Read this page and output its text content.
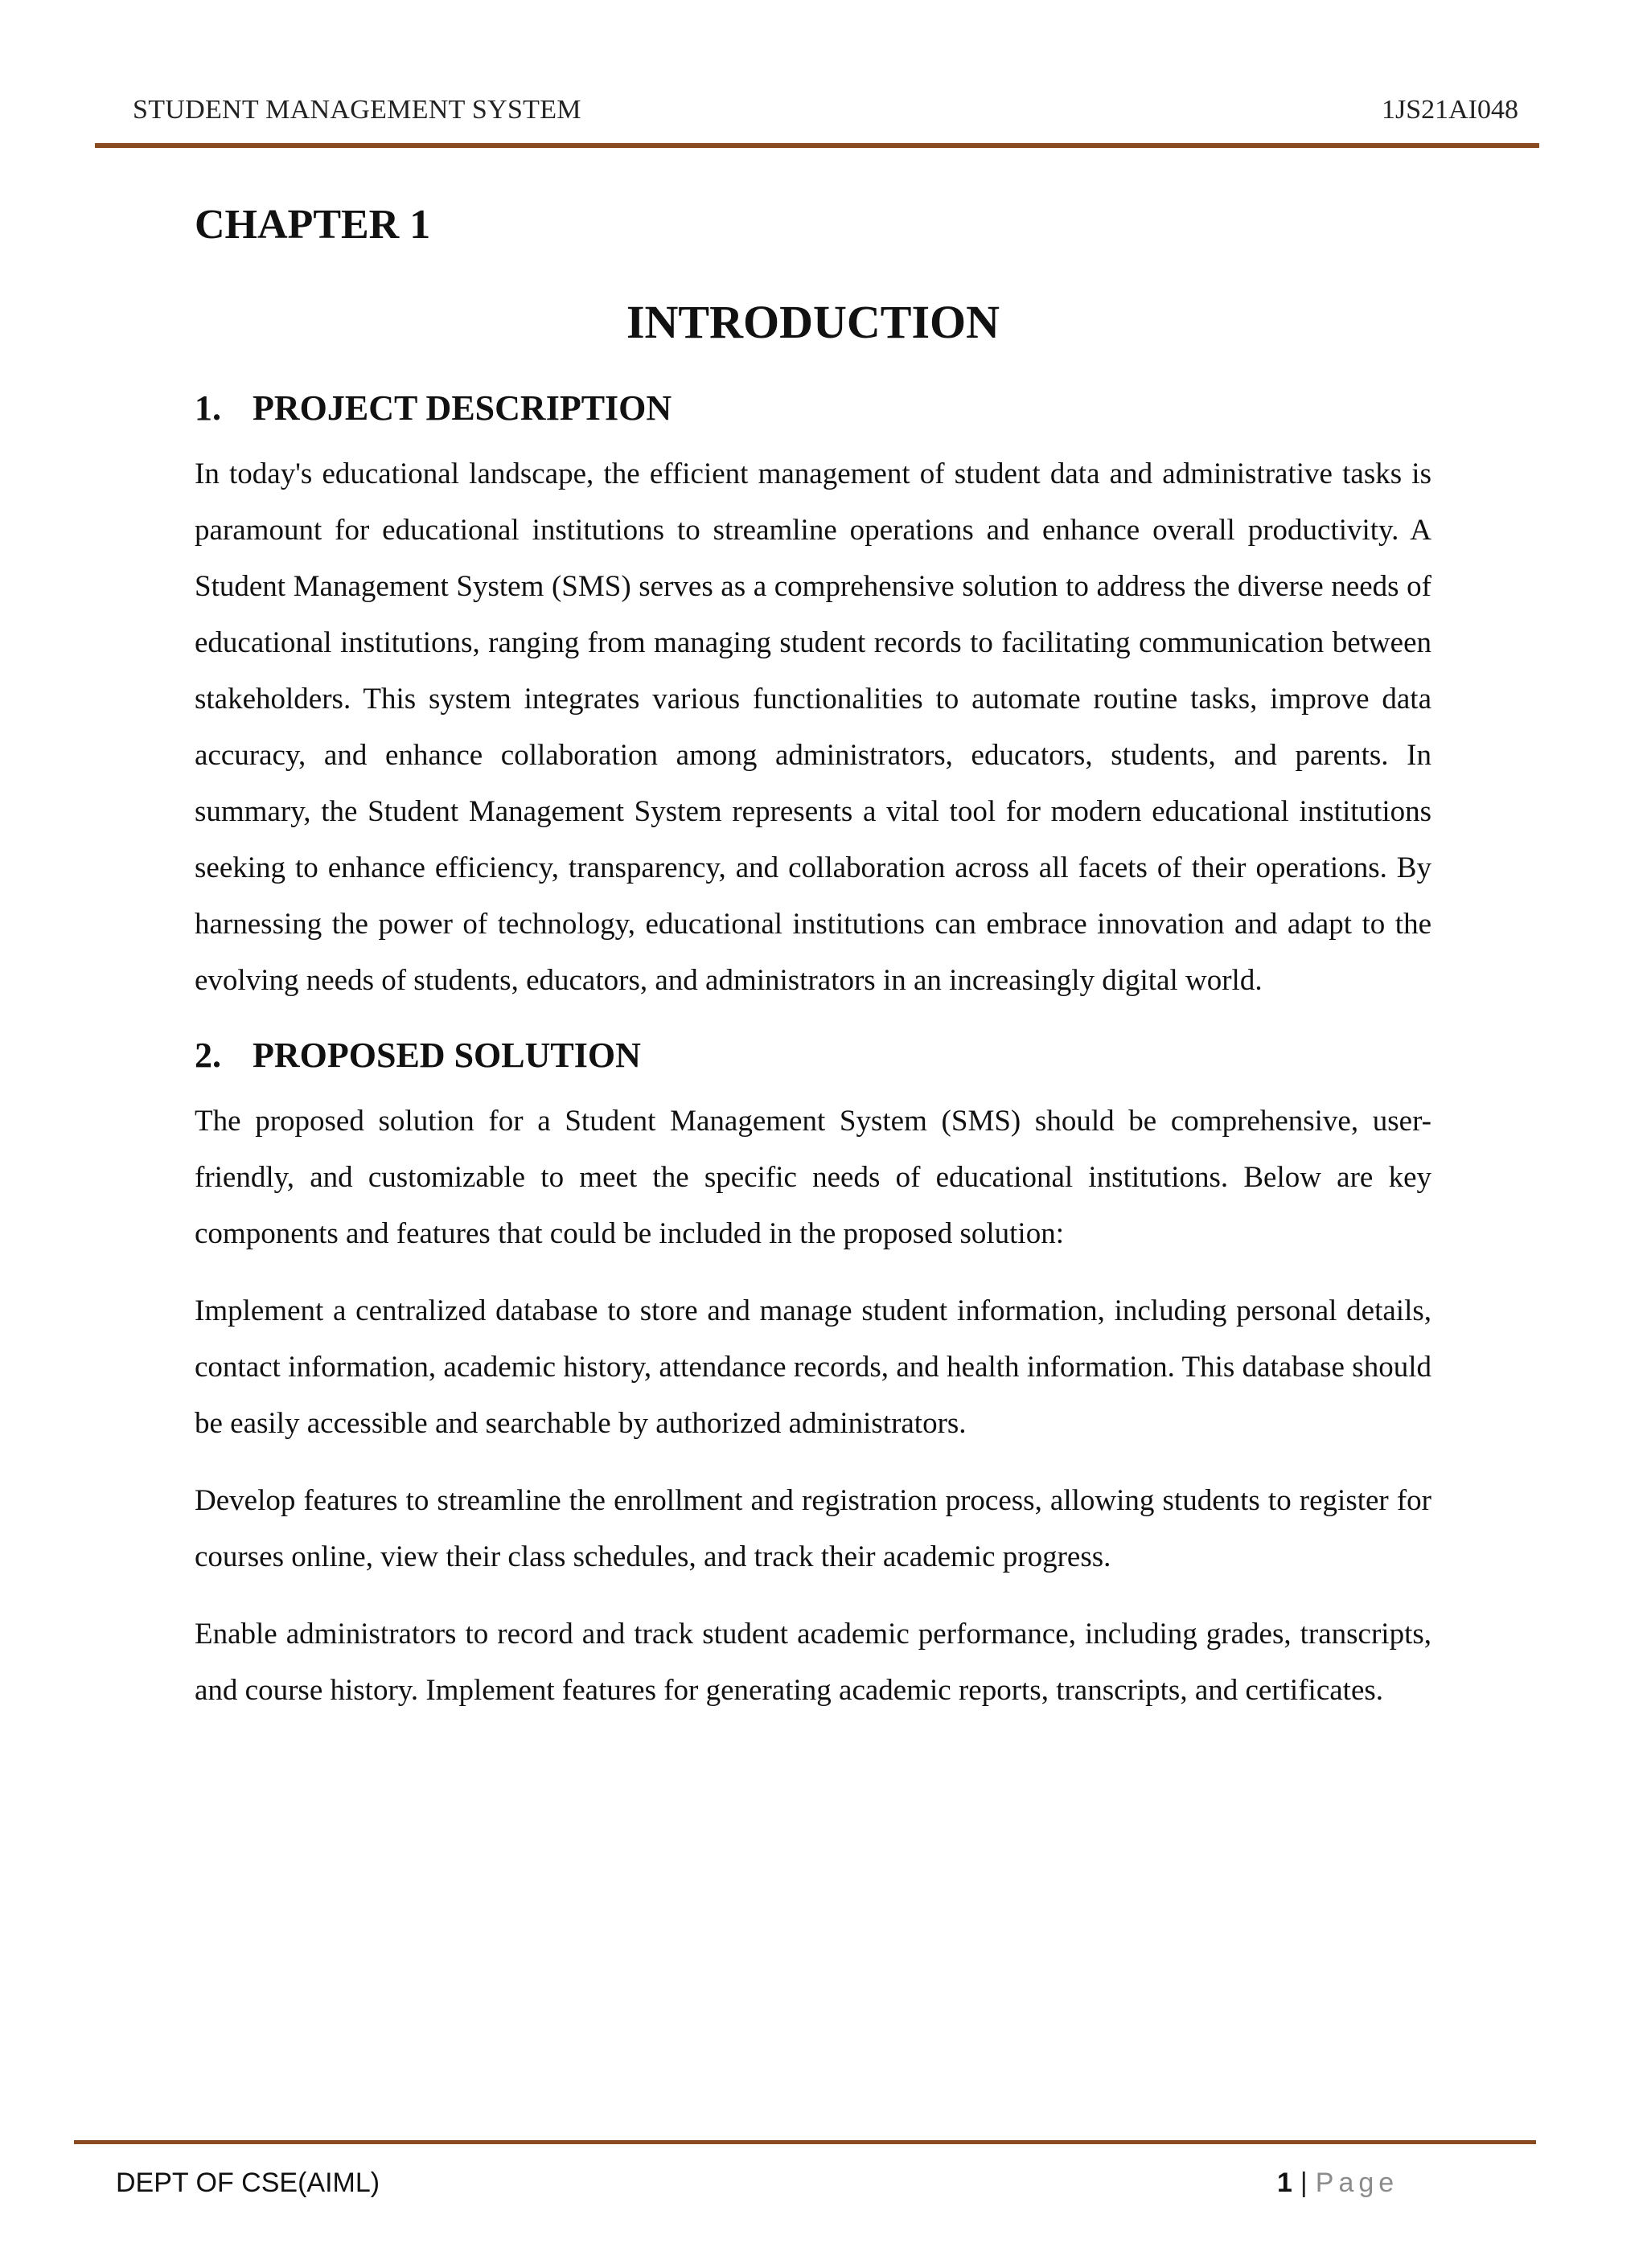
STUDENT MANAGEMENT SYSTEM	1JS21AI048
CHAPTER 1
INTRODUCTION
1. PROJECT DESCRIPTION

In today's educational landscape, the efficient management of student data and administrative tasks is paramount for educational institutions to streamline operations and enhance overall productivity. A Student Management System (SMS) serves as a comprehensive solution to address the diverse needs of educational institutions, ranging from managing student records to facilitating communication between stakeholders. This system integrates various functionalities to automate routine tasks, improve data accuracy, and enhance collaboration among administrators, educators, students, and parents. In summary, the Student Management System represents a vital tool for modern educational institutions seeking to enhance efficiency, transparency, and collaboration across all facets of their operations. By harnessing the power of technology, educational institutions can embrace innovation and adapt to the evolving needs of students, educators, and administrators in an increasingly digital world.

2. PROPOSED SOLUTION

The proposed solution for a Student Management System (SMS) should be comprehensive, user- friendly, and customizable to meet the specific needs of educational institutions. Below are key components and features that could be included in the proposed solution:

Implement a centralized database to store and manage student information, including personal details, contact information, academic history, attendance records, and health information. This database should be easily accessible and searchable by authorized administrators.

Develop features to streamline the enrollment and registration process, allowing students to register for courses online, view their class schedules, and track their academic progress.

Enable administrators to record and track student academic performance, including grades, transcripts, and course history. Implement features for generating academic reports, transcripts, and certificates.

DEPT OF CSE(AIML)	1 | Page
